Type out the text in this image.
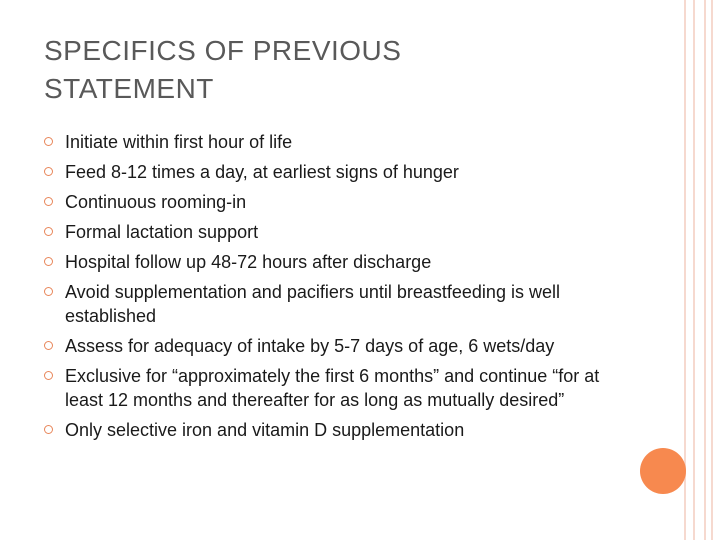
SPECIFICS OF PREVIOUS
STATEMENT
Initiate within first hour of life
Feed 8-12 times a day, at earliest signs of hunger
Continuous rooming-in
Formal lactation support
Hospital follow up 48-72 hours after discharge
Avoid supplementation and pacifiers until breastfeeding is well established
Assess for adequacy of intake by 5-7 days of age, 6 wets/day
Exclusive for “approximately the first 6 months” and continue “for at least 12 months and thereafter for as long as mutually desired”
Only selective iron and vitamin D supplementation
